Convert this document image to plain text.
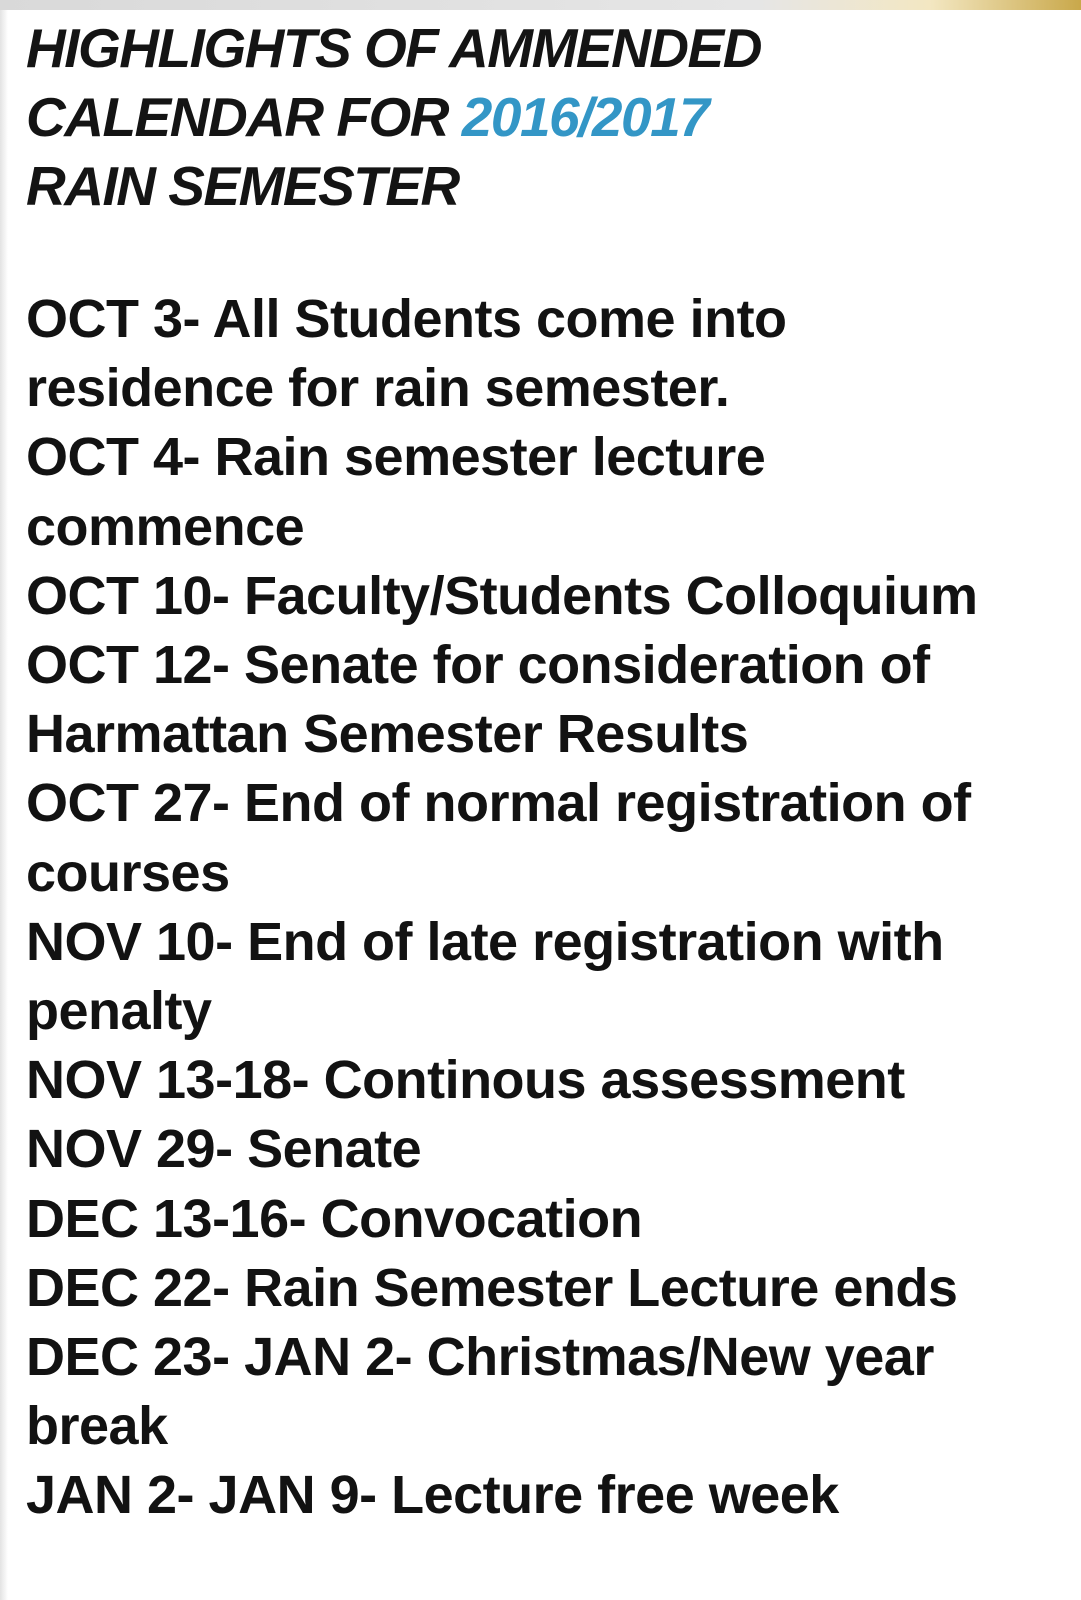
HIGHLIGHTS OF AMMENDED
CALENDAR FOR 2016/2017
RAIN SEMESTER
OCT 3- All Students come into
residence for rain semester.
OCT 4- Rain semester lecture
commence
OCT 10- Faculty/Students Colloquium
OCT 12- Senate for consideration of
Harmattan Semester Results
OCT 27- End of normal registration of
courses
NOV 10- End of late registration with
penalty
NOV 13-18- Continous assessment
NOV 29- Senate
DEC 13-16- Convocation
DEC 22- Rain Semester Lecture ends
DEC 23- JAN 2- Christmas/New year
break
JAN 2- JAN 9- Lecture free week
